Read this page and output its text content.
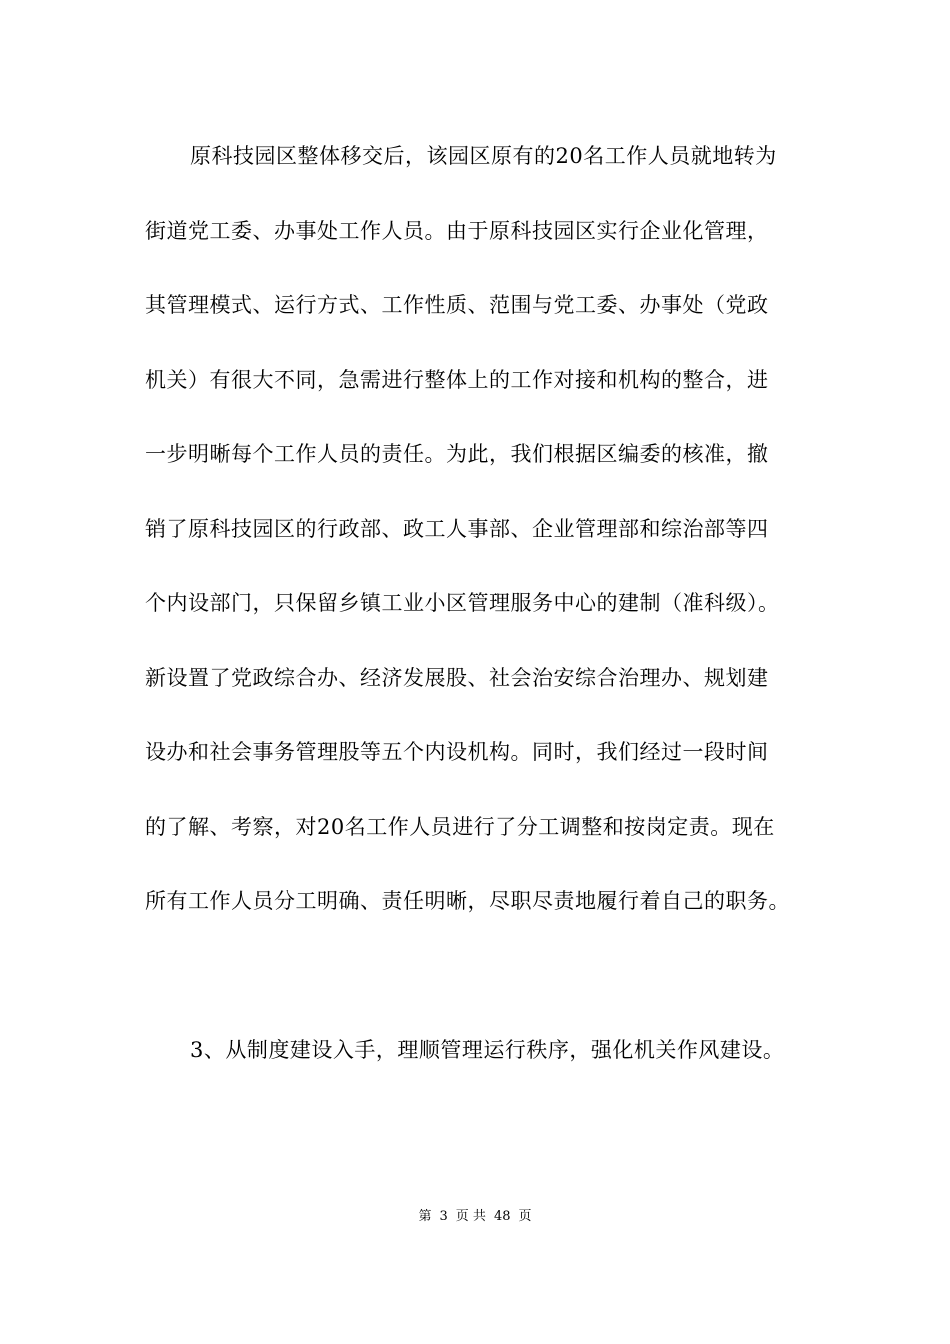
原科技园区整体移交后，该园区原有的20名工作人员就地转为
街道党工委、办事处工作人员。由于原科技园区实行企业化管理，
其管理模式、运行方式、工作性质、范围与党工委、办事处（党政
机关）有很大不同，急需进行整体上的工作对接和机构的整合，进
一步明晰每个工作人员的责任。为此，我们根据区编委的核准，撤
销了原科技园区的行政部、政工人事部、企业管理部和综治部等四
个内设部门，只保留乡镇工业小区管理服务中心的建制（准科级）。
新设置了党政综合办、经济发展股、社会治安综合治理办、规划建
设办和社会事务管理股等五个内设机构。同时，我们经过一段时间
的了解、考察，对20名工作人员进行了分工调整和按岗定责。现在
所有工作人员分工明确、责任明晰，尽职尽责地履行着自己的职务。
3、从制度建设入手，理顺管理运行秩序，强化机关作风建设。
第 3 页 共 48 页
